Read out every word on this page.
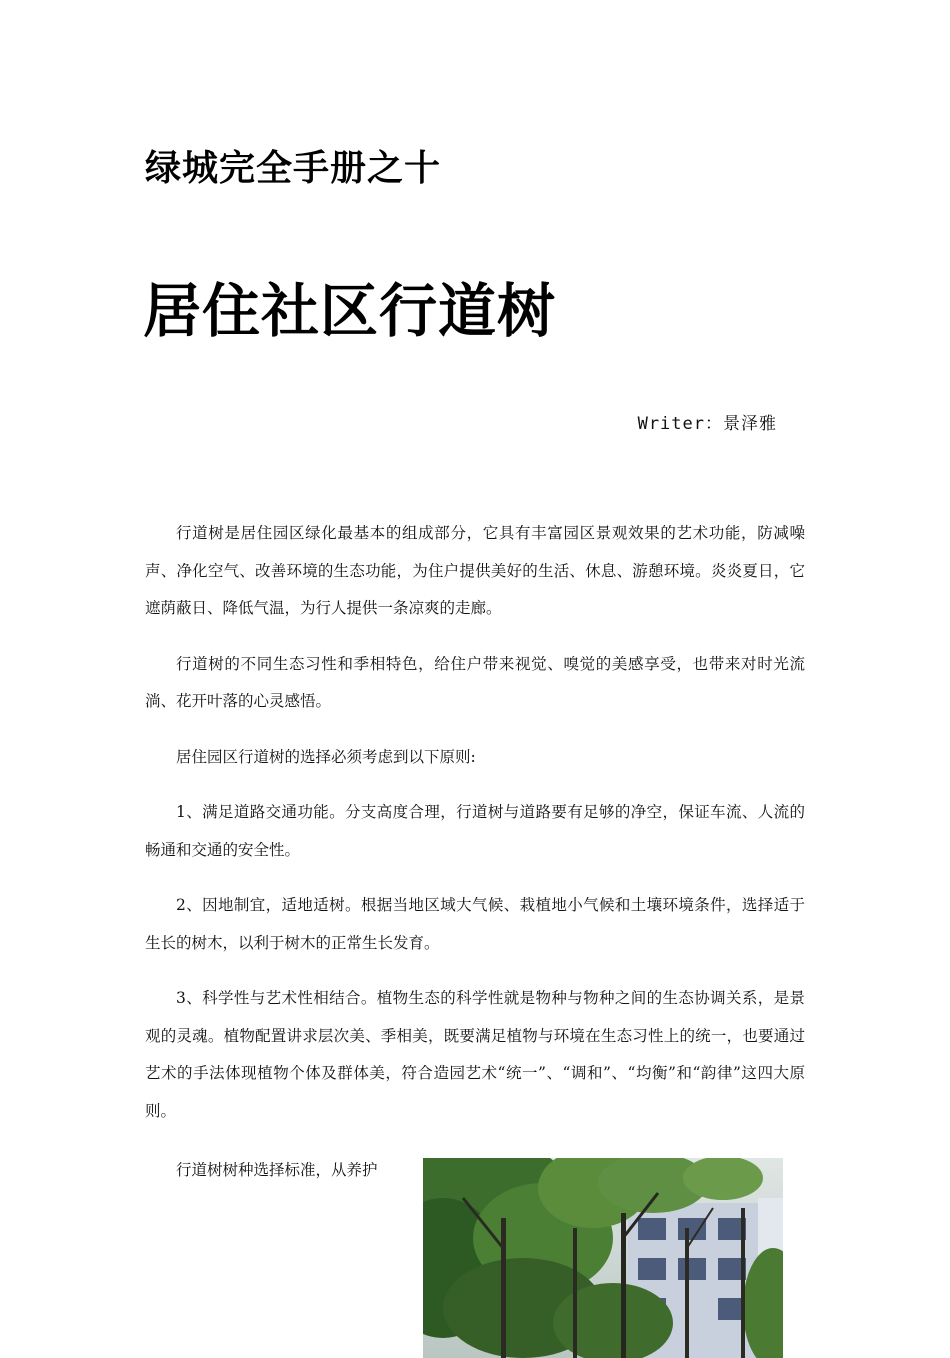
绿城完全手册之十
居住社区行道树
Writer：景泽雅

行道树是居住园区绿化最基本的组成部分，它具有丰富园区景观效果的艺术功能，防减噪声、净化空气、改善环境的生态功能，为住户提供美好的生活、休息、游憩环境。炎炎夏日，它遮荫蔽日、降低气温，为行人提供一条凉爽的走廊。

行道树的不同生态习性和季相特色，给住户带来视觉、嗅觉的美感享受，也带来对时光流淌、花开叶落的心灵感悟。

居住园区行道树的选择必须考虑到以下原则:

1、满足道路交通功能。分支高度合理，行道树与道路要有足够的净空，保证车流、人流的畅通和交通的安全性。

2、因地制宜，适地适树。根据当地区域大气候、栽植地小气候和土壤环境条件，选择适于生长的树木，以利于树木的正常生长发育。

3、科学性与艺术性相结合。植物生态的科学性就是物种与物种之间的生态协调关系，是景观的灵魂。植物配置讲求层次美、季相美，既要满足植物与环境在生态习性上的统一，也要通过艺术的手法体现植物个体及群体美，符合造园艺术“统一”、“调和”、“均衡”和“韵律”这四大原则。

行道树树种选择标准，从养护
